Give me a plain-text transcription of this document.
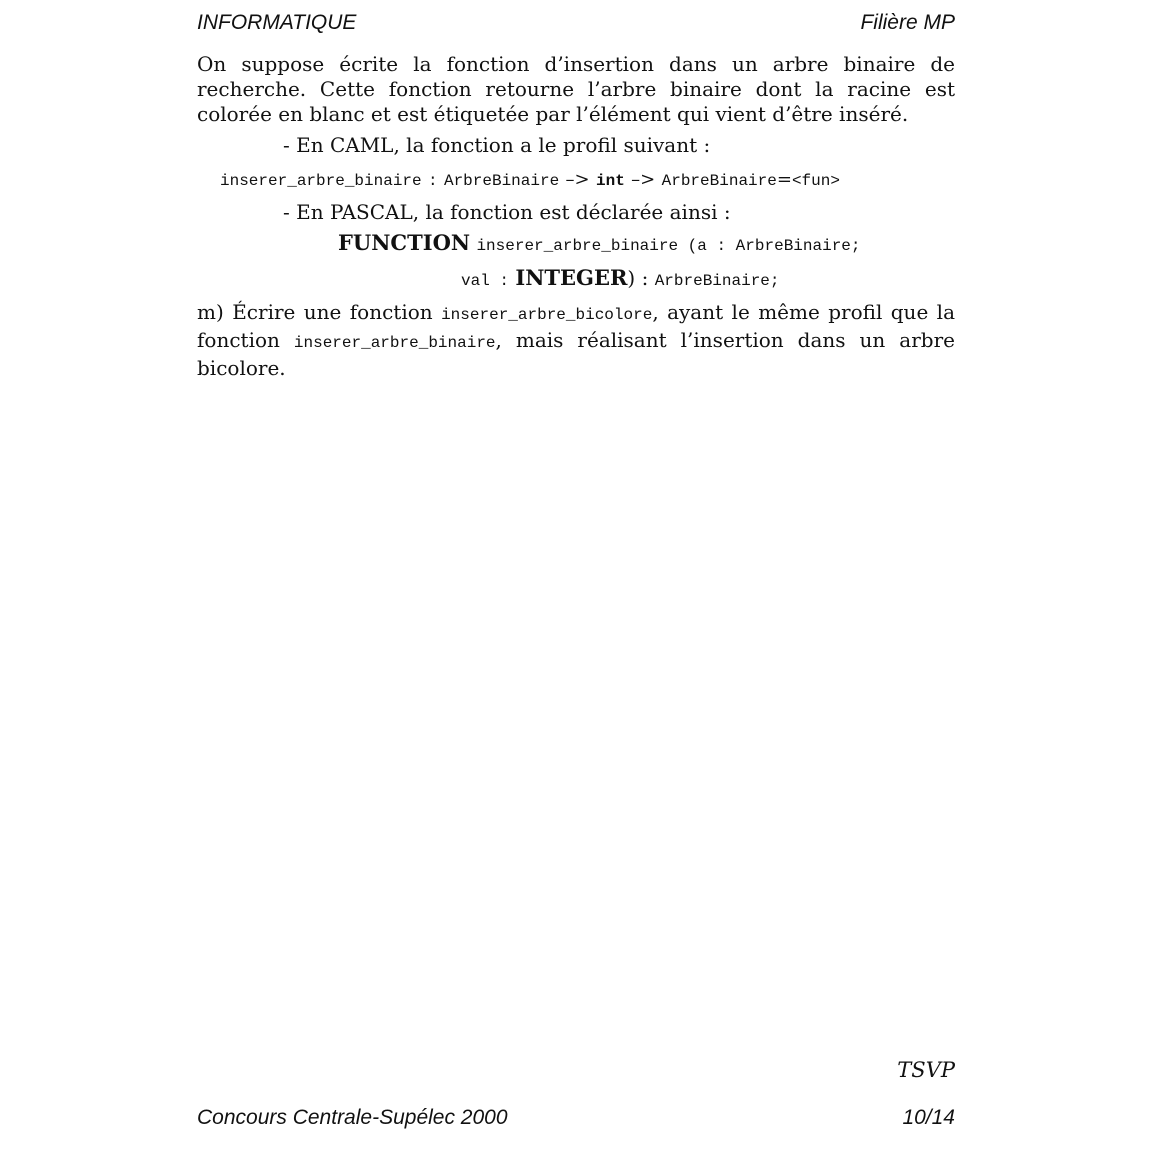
INFORMATIQUE	Filière MP

On suppose écrite la fonction d’insertion dans un arbre binaire de recherche. Cette fonction retourne l’arbre binaire dont la racine est colorée en blanc et est étiquetée par l’élément qui vient d’être inséré.

- En CAML, la fonction a le profil suivant :

inserer_arbre_binaire : ArbreBinaire –> int –> ArbreBinaire=<fun>

- En PASCAL, la fonction est déclarée ainsi :

FUNCTION inserer_arbre_binaire (a : ArbreBinaire;
val : INTEGER) : ArbreBinaire;

m) Écrire une fonction inserer_arbre_bicolore, ayant le même profil que la fonction inserer_arbre_binaire, mais réalisant l’insertion dans un arbre bicolore.

TSVP
Concours Centrale-Supélec 2000	10/14
